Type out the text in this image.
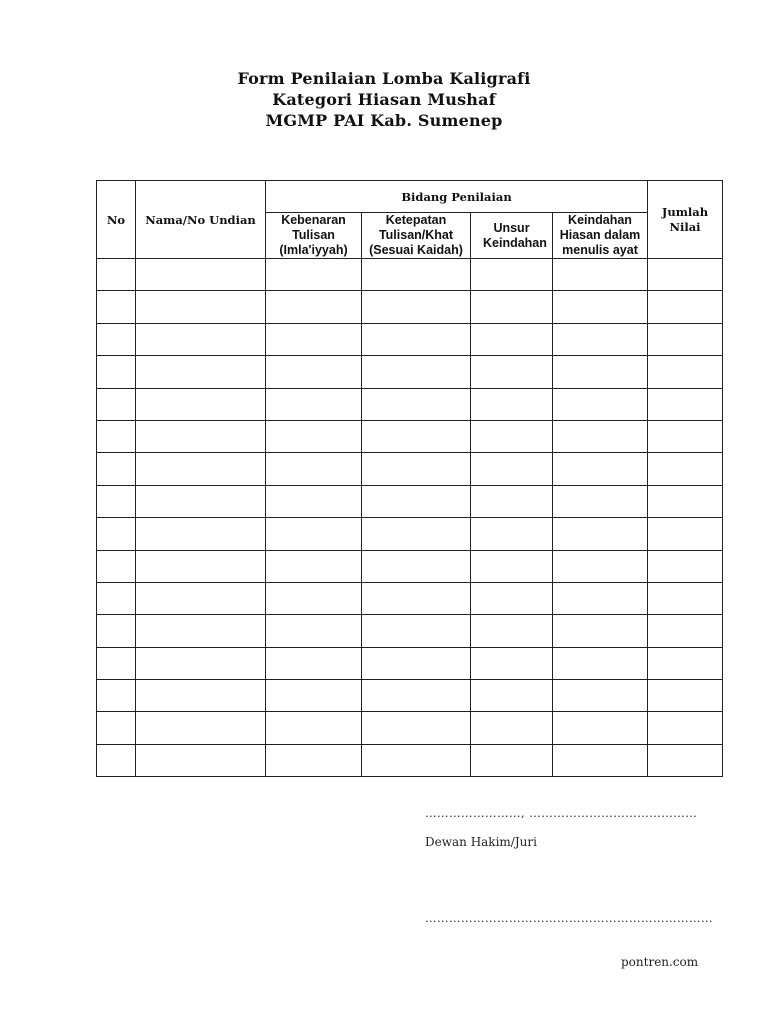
Form Penilaian Lomba Kaligrafi
Kategori Hiasan Mushaf
MGMP PAI Kab. Sumenep
No	Nama/No Undian	Bidang Penilaian				Jumlah Nilai

		Kebenaran Tulisan (Imla'iyyah)	Ketepatan Tulisan/Khat (Sesuai Kaidah)	Unsur Keindahan	Keindahan Hiasan dalam menulis ayat	

……………………, ……………………………………
Dewan Hakim/Juri
………………………………………………………………
pontren.com
